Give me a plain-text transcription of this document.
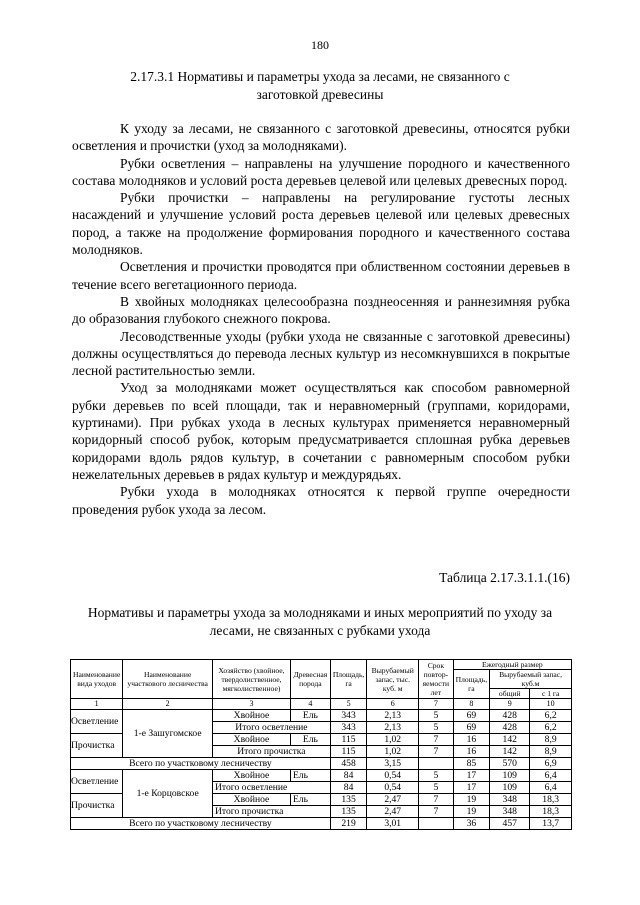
180
2.17.3.1 Нормативы и параметры ухода за лесами, не связанного с заготовкой древесины

К уходу за лесами, не связанного с заготовкой древесины, относятся рубки осветления и прочистки (уход за молодняками).

Рубки осветления – направлены на улучшение породного и качественного состава молодняков и условий роста деревьев целевой или целевых древесных пород.

Рубки прочистки – направлены на регулирование густоты лесных насаждений и улучшение условий роста деревьев целевой или целевых древесных пород, а также на продолжение формирования породного и качественного состава молодняков.

Осветления и прочистки проводятся при облиственном состоянии деревьев в течение всего вегетационного периода.

В хвойных молодняках целесообразна позднеосенняя и раннезимняя рубка до образования глубокого снежного покрова.

Лесоводственные уходы (рубки ухода не связанные с заготовкой древесины) должны осуществляться до перевода лесных культур из несомкнувшихся в покрытые лесной растительностью земли.

Уход за молодняками может осуществляться как способом равномерной рубки деревьев по всей площади, так и неравномерный (группами, коридорами, куртинами). При рубках ухода в лесных культурах применяется неравномерный коридорный способ рубок, которым предусматривается сплошная рубка деревьев коридорами вдоль рядов культур, в сочетании с равномерным способом рубки нежелательных деревьев в рядах культур и междурядьях.

Рубки ухода в молодняках относятся к первой группе очередности проведения рубок ухода за лесом.

Таблица 2.17.3.1.1.(16)
Нормативы и параметры ухода за молодняками и иных мероприятий по уходу за лесами, не связанных с рубками ухода
Наименование вида уходов	Наименование участкового лесничества	Хозяйство (хвойное, твердолиственное, мягколиственное)	Древесная порода	Площадь, га	Вырубаемый запас, тыс. куб. м	Срок повтор-яемости лет	Ежегодный размер		
							Площадь, га	Вырубаемый запас, куб.м	
								общий	с 1 га
1	2	3	4	5	6	7	8	9	10
Осветление	1-е Зашугомское	Хвойное	Ель	343	2,13	5	69	428	6,2
		Итого осветление		343	2,13	5	69	428	6,2
Прочистка		Хвойное	Ель	115	1,02	7	16	142	8,9
		Итого прочистка		115	1,02	7	16	142	8,9
Всего по участковому лесничеству				458	3,15		85	570	6,9
Осветление	1-е Корцовское	Хвойное	Ель	84	0,54	5	17	109	6,4
		Итого осветление		84	0,54	5	17	109	6,4
Прочистка		Хвойное	Ель	135	2,47	7	19	348	18,3
		Итого прочистка		135	2,47	7	19	348	18,3
Всего по участковому лесничеству				219	3,01		36	457	13,7
